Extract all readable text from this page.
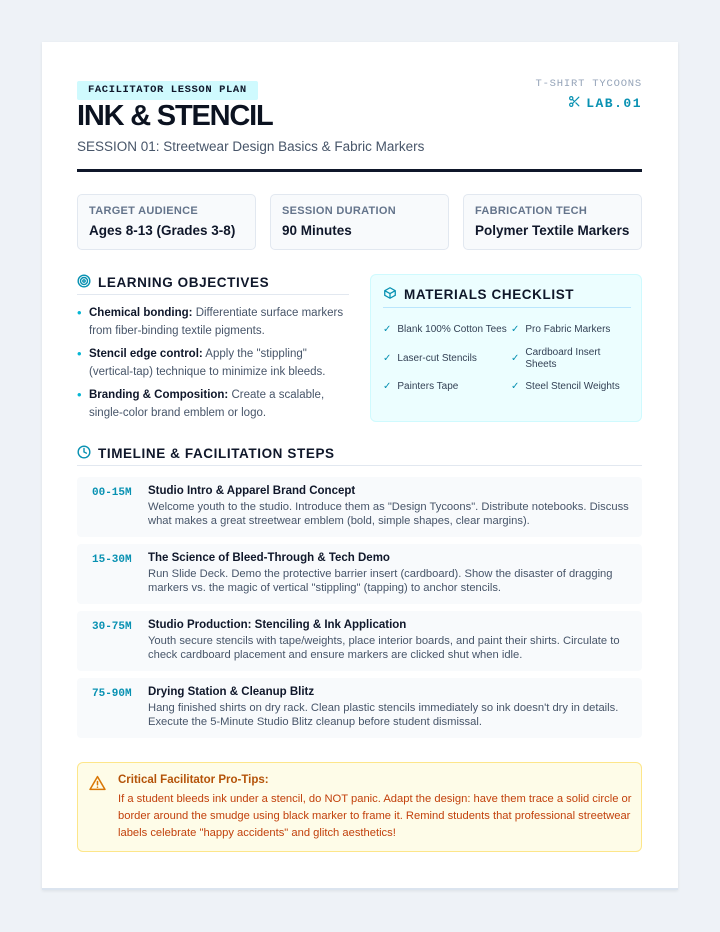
FACILITATOR LESSON PLAN
INK & STENCIL
SESSION 01: Streetwear Design Basics & Fabric Markers
T-SHIRT TYCOONS
LAB.01
TARGET AUDIENCE
Ages 8-13 (Grades 3-8)
SESSION DURATION
90 Minutes
FABRICATION TECH
Polymer Textile Markers
LEARNING OBJECTIVES
• Chemical bonding: Differentiate surface markers from fiber-binding textile pigments.
• Stencil edge control: Apply the "stippling" (vertical-tap) technique to minimize ink bleeds.
• Branding & Composition: Create a scalable, single-color brand emblem or logo.
MATERIALS CHECKLIST
✓ Blank 100% Cotton Tees ✓ Pro Fabric Markers
✓ Laser-cut Stencils	✓
Cardboard Insert Sheets
✓ Painters Tape	✓ Steel Stencil Weights
TIMELINE & FACILITATION STEPS
00-15M Studio Intro & Apparel Brand Concept
Welcome youth to the studio. Introduce them as "Design Tycoons". Distribute notebooks. Discuss what makes a great streetwear emblem (bold, simple shapes, clear margins).
15-30M The Science of Bleed-Through & Tech Demo
Run Slide Deck. Demo the protective barrier insert (cardboard). Show the disaster of dragging markers vs. the magic of vertical "stippling" (tapping) to anchor stencils.
30-75M Studio Production: Stenciling & Ink Application
Youth secure stencils with tape/weights, place interior boards, and paint their shirts. Circulate to check cardboard placement and ensure markers are clicked shut when idle.
75-90M Drying Station & Cleanup Blitz
Hang finished shirts on dry rack. Clean plastic stencils immediately so ink doesn't dry in details. Execute the 5-Minute Studio Blitz cleanup before student dismissal.
Critical Facilitator Pro-Tips:
If a student bleeds ink under a stencil, do NOT panic. Adapt the design: have them trace a solid circle or border around the smudge using black marker to frame it. Remind students that professional streetwear labels celebrate "happy accidents" and glitch aesthetics!
